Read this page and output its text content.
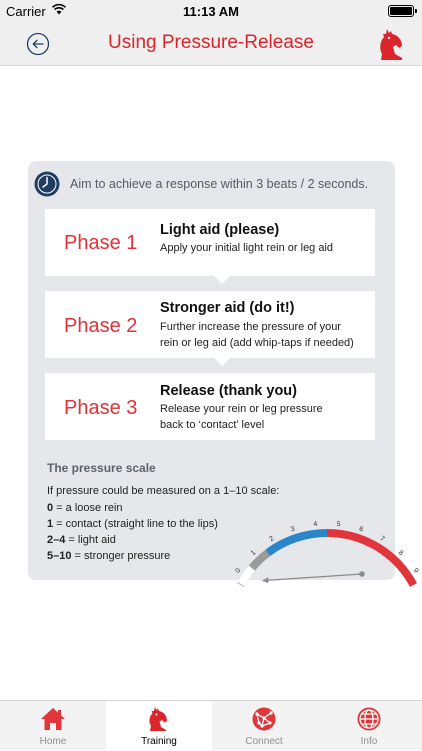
Carrier	11:13 AM
Using Pressure-Release
Aim to achieve a response within 3 beats / 2 seconds.
Phase 1
Light aid (please)
Apply your initial light rein or leg aid
Phase 2
Stronger aid (do it!)
Further increase the pressure of your
rein or leg aid (add whip-taps if needed)
Phase 3
Release (thank you)
Release your rein or leg pressure
back to ‘contact’ level
The pressure scale
If pressure could be measured on a 1–10 scale:
0 = a loose rein
1 = contact (straight line to the lips)
2–4 = light aid
5–10 = stronger pressure
0
1
2
3
4	5
6
7
8
9
Home	Training	Connect	Info
